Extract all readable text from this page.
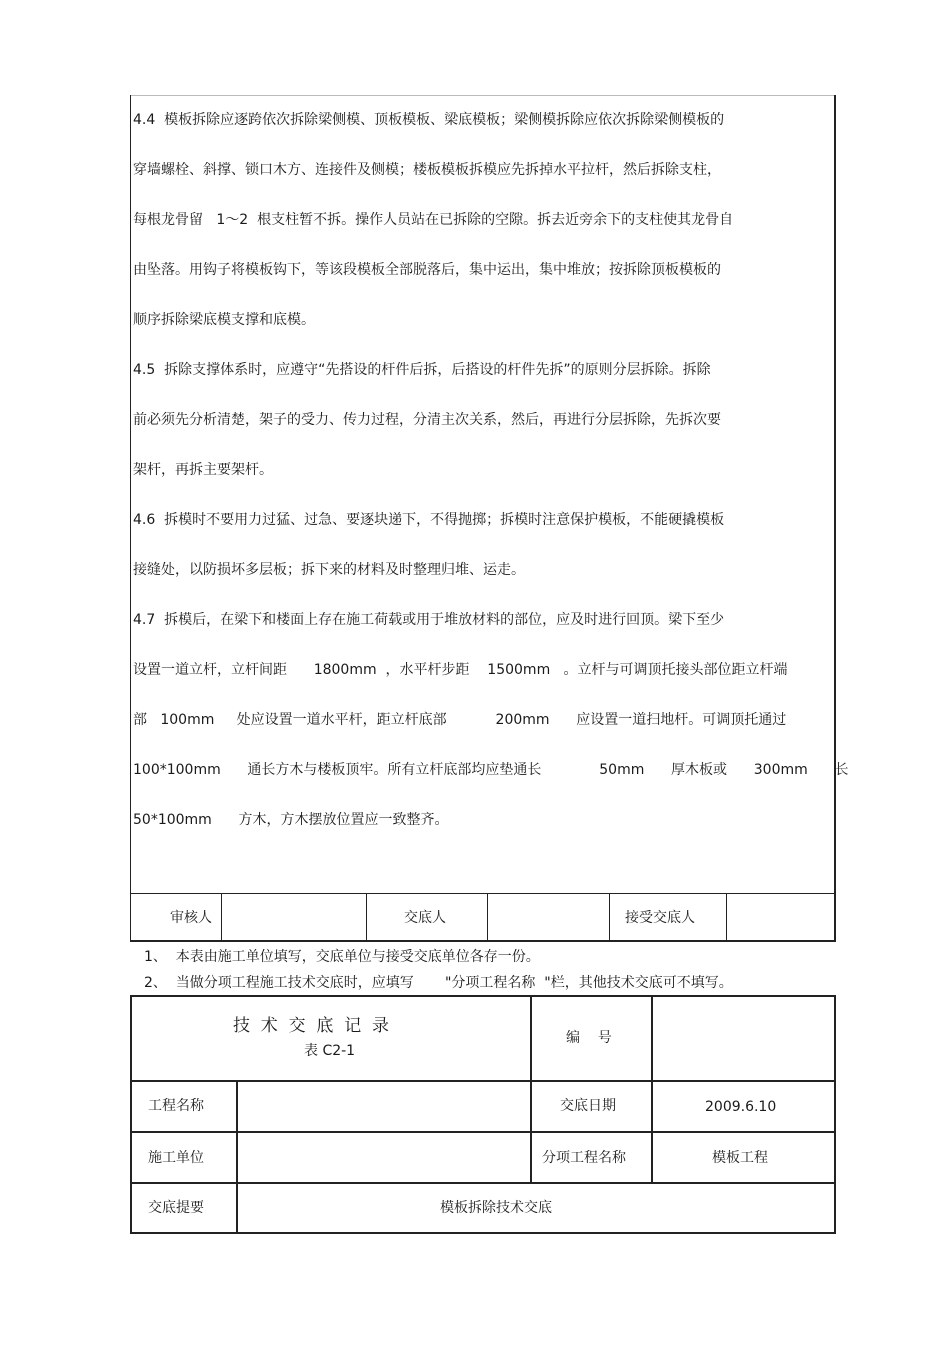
4.4  模板拆除应逐跨依次拆除梁侧模、顶板模板、梁底模板；梁侧模拆除应依次拆除梁侧模板的
穿墙螺栓、斜撑、锁口木方、连接件及侧模；楼板模板拆模应先拆掉水平拉杆，然后拆除支柱，
每根龙骨留   1～2  根支柱暂不拆。操作人员站在已拆除的空隙。拆去近旁余下的支柱使其龙骨自
由坠落。用钩子将模板钩下，等该段模板全部脱落后，集中运出，集中堆放；按拆除顶板模板的
顺序拆除梁底模支撑和底模。
4.5  拆除支撑体系时，应遵守“先搭设的杆件后拆，后搭设的杆件先拆”的原则分层拆除。拆除
前必须先分析清楚，架子的受力、传力过程，分清主次关系，然后，再进行分层拆除，先拆次要
架杆，再拆主要架杆。
4.6  拆模时不要用力过猛、过急、要逐块递下，不得抛掷；拆模时注意保护模板，不能硬撬模板
接缝处，以防损坏多层板；拆下来的材料及时整理归堆、运走。
4.7  拆模后，在梁下和楼面上存在施工荷载或用于堆放材料的部位，应及时进行回顶。梁下至少
设置一道立杆，立杆间距      1800mm  ，水平杆步距    1500mm   。立杆与可调顶托接头部位距立杆端
部   100mm     处应设置一道水平杆，距立杆底部           200mm      应设置一道扫地杆。可调顶托通过
100*100mm      通长方木与楼板顶牢。所有立杆底部均应垫通长             50mm      厚木板或      300mm      长
50*100mm      方木，方木摆放位置应一致整齐。
审核人	交底人	接受交底人
1、  本表由施工单位填写，交底单位与接受交底单位各存一份。
2、  当做分项工程施工技术交底时，应填写       "分项工程名称  "栏，其他技术交底可不填写。
技  术  交  底  记  录
表 C2-1
编    号
工程名称	交底日期	2009.6.10
施工单位	分项工程名称	模板工程
交底提要	模板拆除技术交底
